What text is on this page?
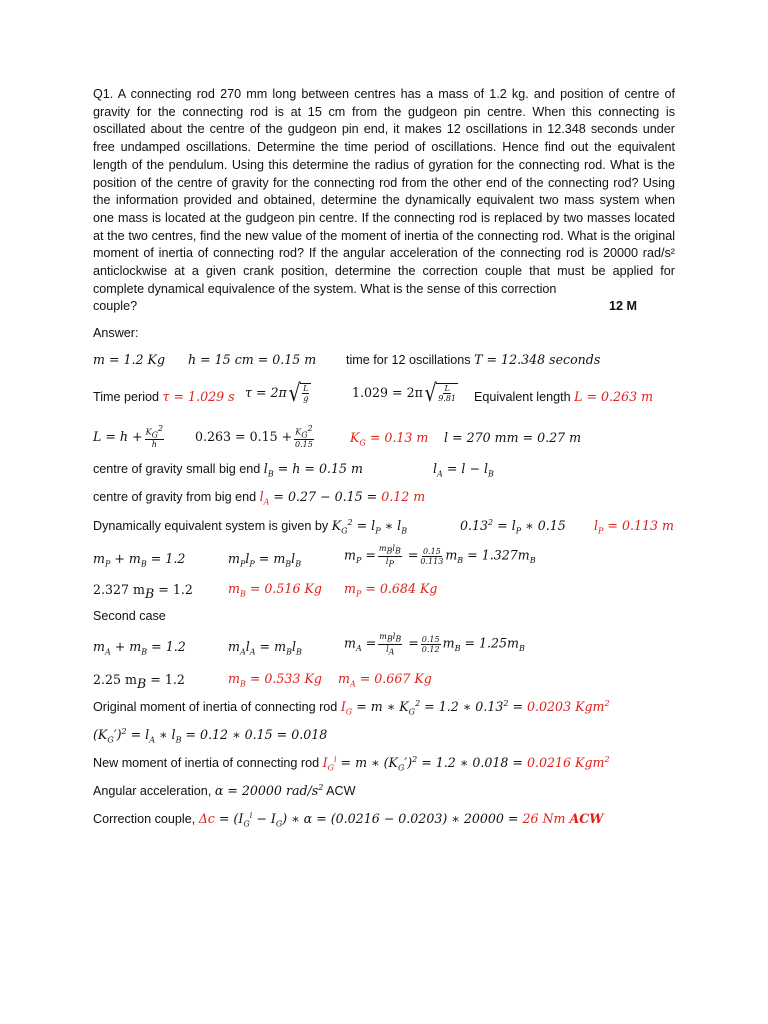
Q1. A connecting rod 270 mm long between centres has a mass of 1.2 kg. and position of centre of gravity for the connecting rod is at 15 cm from the gudgeon pin centre. When this connecting is oscillated about the centre of the gudgeon pin end, it makes 12 oscillations in 12.348 seconds under free undamped oscillations. Determine the time period of oscillations. Hence find out the equivalent length of the pendulum. Using this determine the radius of gyration for the connecting rod. What is the position of the centre of gravity for the connecting rod from the other end of the connecting rod? Using the information provided and obtained, determine the dynamically equivalent two mass system when one mass is located at the gudgeon pin centre. If the connecting rod is replaced by two masses located at the two centres, find the new value of the moment of inertia of the connecting rod. What is the original moment of inertia of connecting rod? If the angular acceleration of the connecting rod is 20000 rad/s² anticlockwise at a given crank position, determine the correction couple that must be applied for complete dynamical equivalence of the system. What is the sense of this correction

couple?	12 M
Answer:
m = 1.2 Kg h = 15 cm = 0.15 m time for 12 oscillations T = 12.348 seconds
Time period τ = 1.029 s τ = 2π √ $\frac{L}{g}$	1.029 = 2π √ $\frac{L}{9.81}$ Equivalent length L = 0.263 m
$L = h + \frac{K_G^2}{h} 0.263 = 0.15 + \frac{K_G^2}{0.15}$	$K_G = 0.13$ m l = 270 mm = 0.27 m
centre of gravity small big end $l_B = h = 0.15$ m	$l_A = l - l_B$
centre of gravity from big end $l_A = 0.27 - 0.15 = 0.12$ m
Dynamically equivalent system is given by $K_G^2 = l_P$ ∗ $l_B$	$0.13^2 = l_P$ ∗ 0.15 $l_P = 0.113$ m
$m_P + m_B = 1.2$	$m_Pl_P = m_Bl_B$
$m_P = \frac{m_Bl_B}{l_P} = \frac{0.15}{0.113} m_B = 1.327m_B$
2.327 $m_B = 1.2$	$m_B = 0.516$ Kg $m_P = 0.684$ Kg
Second case
$m_A + m_B = 1.2$	$m_Al_A = m_Bl_B$
$m_A = \frac{m_Bl_B}{l_A} = \frac{0.15}{0.12} m_B = 1.25m_B$
2.25 $m_B = 1.2$	$m_B = 0.533$ Kg $m_A = 0.667$ Kg
Original moment of inertia of connecting rod $I_G = m$ ∗ $K_G^2 = 1.2$ ∗ $0.13^2 = 0.0203$ Kgm$^2$
$(K_G')^2 = l_A$ ∗ $l_B = 0.12$ ∗ 0.15 = 0.018
New moment of inertia of connecting rod $I_G^i = m$ ∗ $(K_G')^2 = 1.2$ ∗ 0.018 = 0.0216 Kgm$^2$
Angular acceleration, α = 20000 rad/$s^2$ ACW
Correction couple, $\Delta c = (I_G^i - I_G)$ ∗ α = (0.0216 − 0.0203) ∗ 20000 = 26 Nm ACW
